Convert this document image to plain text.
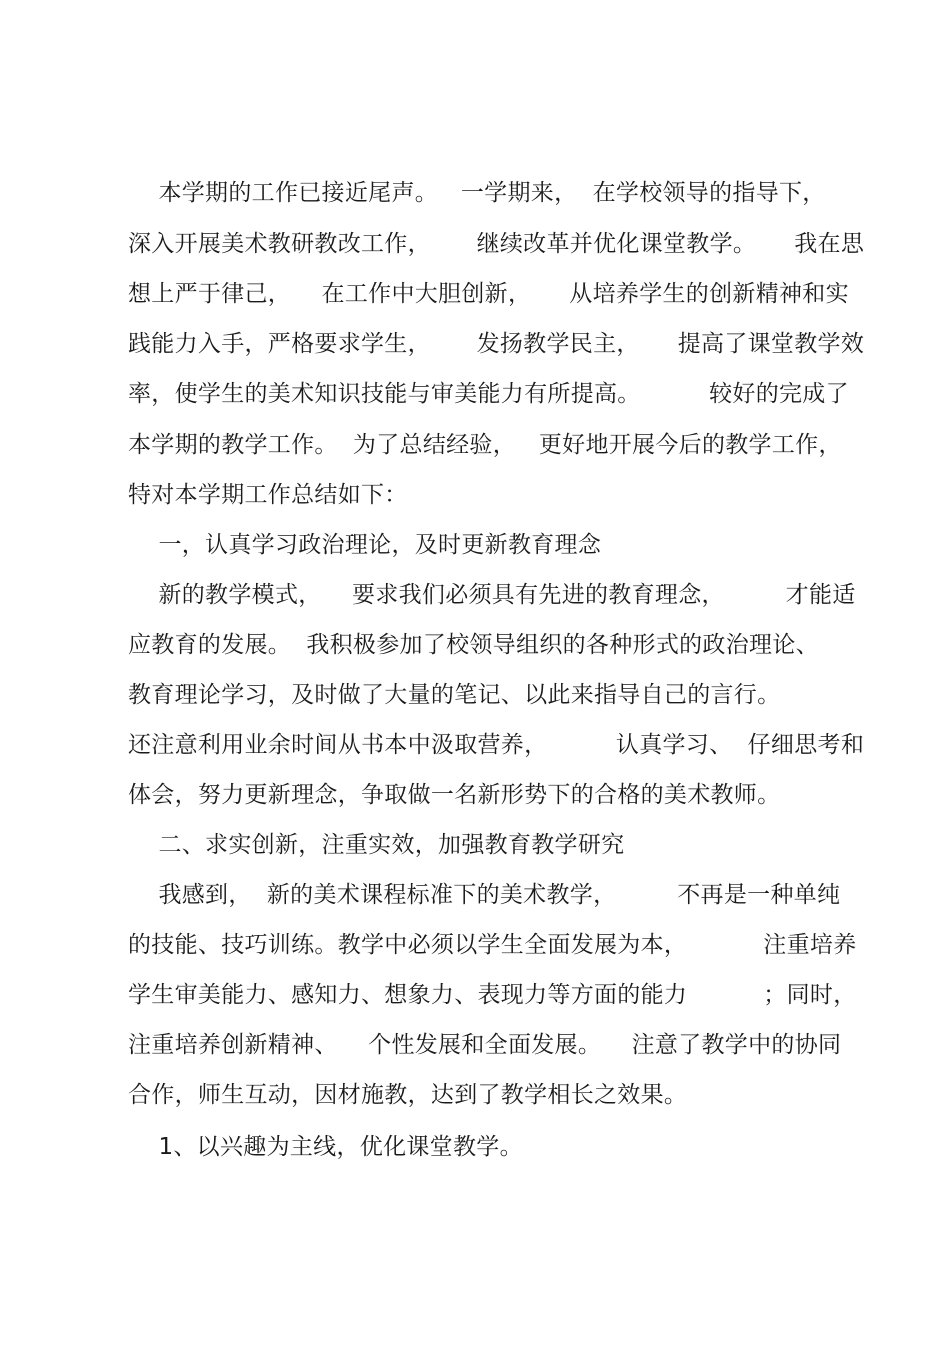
本学期的工作已接近尾声。   一学期来，  在学校领导的指导下，
深入开展美术教研教改工作，      继续改革并优化课堂教学。     我在思
想上严于律己，    在工作中大胆创新，     从培养学生的创新精神和实
践能力入手，严格要求学生，      发扬教学民主，     提高了课堂教学效
率，使学生的美术知识技能与审美能力有所提高。         较好的完成了
本学期的教学工作。  为了总结经验，   更好地开展今后的教学工作，
特对本学期工作总结如下：
一，认真学习政治理论，及时更新教育理念
新的教学模式，    要求我们必须具有先进的教育理念，        才能适
应教育的发展。  我积极参加了校领导组织的各种形式的政治理论、
教育理论学习，及时做了大量的笔记、以此来指导自己的言行。
还注意利用业余时间从书本中汲取营养，         认真学习、  仔细思考和
体会，努力更新理念，争取做一名新形势下的合格的美术教师。
二、求实创新，注重实效，加强教育教学研究
我感到，  新的美术课程标准下的美术教学，        不再是一种单纯
的技能、技巧训练。教学中必须以学生全面发展为本，          注重培养
学生审美能力、感知力、想象力、表现力等方面的能力          ；同时，
注重培养创新精神、    个性发展和全面发展。    注意了教学中的协同
合作，师生互动，因材施教，达到了教学相长之效果。
1、以兴趣为主线，优化课堂教学。
